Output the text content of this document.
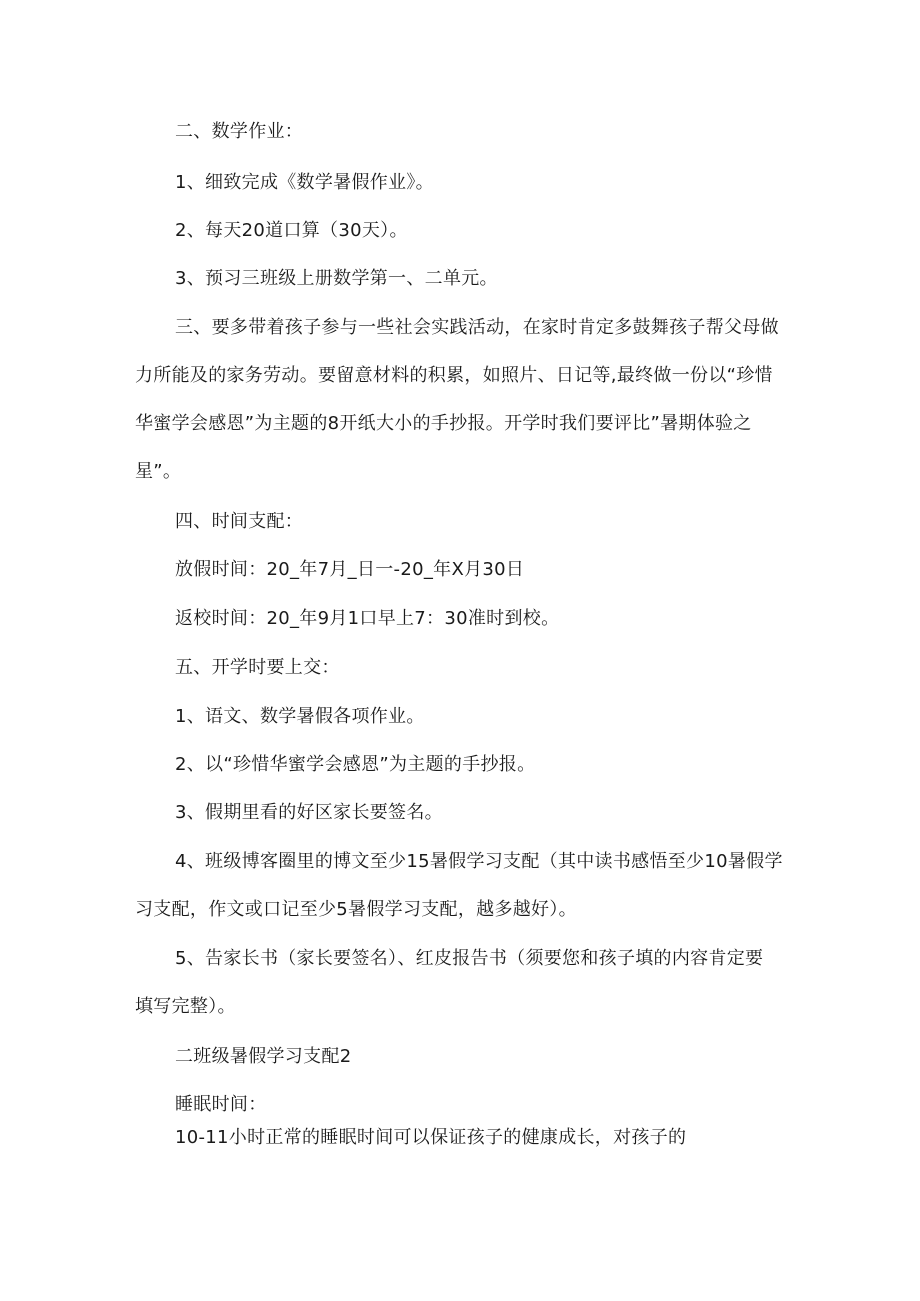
二、数学作业：
1、细致完成《数学暑假作业》。
2、每天20道口算（30天）。
3、预习三班级上册数学第一、二单元。
三、要多带着孩子参与一些社会实践活动，在家时肯定多鼓舞孩子帮父母做
力所能及的家务劳动。要留意材料的积累，如照片、日记等,最终做一份以“珍惜
华蜜学会感恩”为主题的8开纸大小的手抄报。开学时我们要评比”暑期体验之
星”。
四、时间支配：
放假时间：20_年7月_日一-20_年X月30日
返校时间：20_年9月1口早上7：30准时到校。
五、开学时要上交：
1、语文、数学暑假各项作业。
2、以“珍惜华蜜学会感恩”为主题的手抄报。
3、假期里看的好区家长要签名。
4、班级博客圈里的博文至少15暑假学习支配（其中读书感悟至少10暑假学
习支配，作文或口记至少5暑假学习支配，越多越好）。
5、告家长书（家长要签名）、红皮报告书（须要您和孩子填的内容肯定要
填写完整）。
二班级暑假学习支配2
睡眠时间：
10-11小时正常的睡眠时间可以保证孩子的健康成长，对孩子的
